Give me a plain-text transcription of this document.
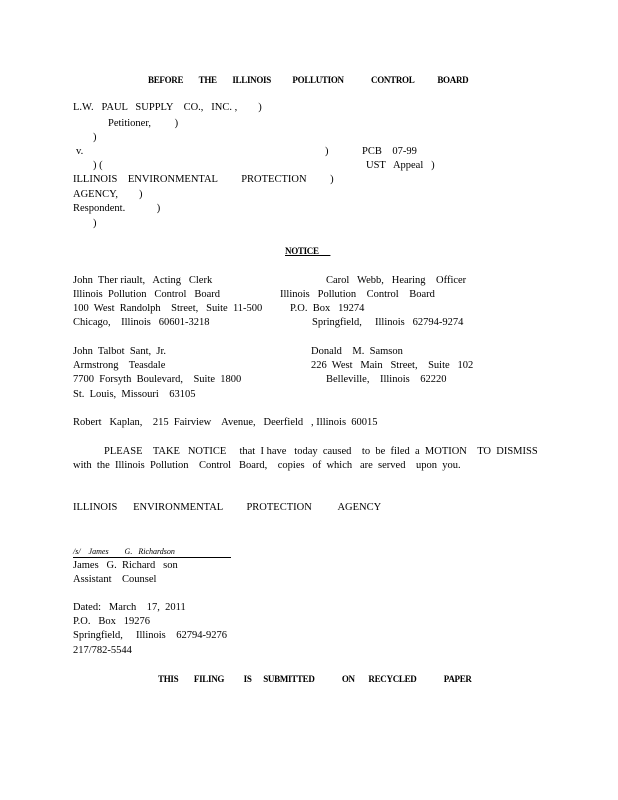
BEFORE        THE        ILLINOIS           POLLUTION              CONTROL            BOARD
L.W.   PAUL   SUPPLY    CO.,   INC. ,        )
Petitioner,         )
)
v.	)	PCB    07-99
) (	UST   Appeal   )
ILLINOIS    ENVIRONMENTAL         PROTECTION         )
AGENCY,        )
Respondent.            )
)
NOTICE
John  Ther riault,   Acting   Clerk
Illinois  Pollution   Control   Board
100  West  Randolph    Street,   Suite  11-500
Chicago,    Illinois   60601-3218
Carol   Webb,   Hearing    Officer
Illinois   Pollution    Control    Board
P.O.  Box   19274
Springfield,     Illinois   62794-9274
John  Talbot  Sant,  Jr.
Armstrong    Teasdale
7700  Forsyth  Boulevard,    Suite  1800
St.  Louis,  Missouri    63105
Donald    M.  Samson
226  West   Main   Street,    Suite   102
Belleville,    Illinois    62220
Robert   Kaplan,    215  Fairview    Avenue,   Deerfield   , Illinois  60015
PLEASE    TAKE   NOTICE     that  I have   today  caused    to  be  filed  a  MOTION    TO  DISMISS
with  the  Illinois  Pollution    Control   Board,    copies   of  which   are  served    upon  you.
ILLINOIS      ENVIRONMENTAL         PROTECTION          AGENCY
/s/    James        G.   Richardson
James   G.  Richard   son
Assistant    Counsel
Dated:   March    17,  2011
P.O.   Box   19276
Springfield,     Illinois    62794-9276
217/782-5544
THIS        FILING          IS      SUBMITTED              ON       RECYCLED              PAPER
